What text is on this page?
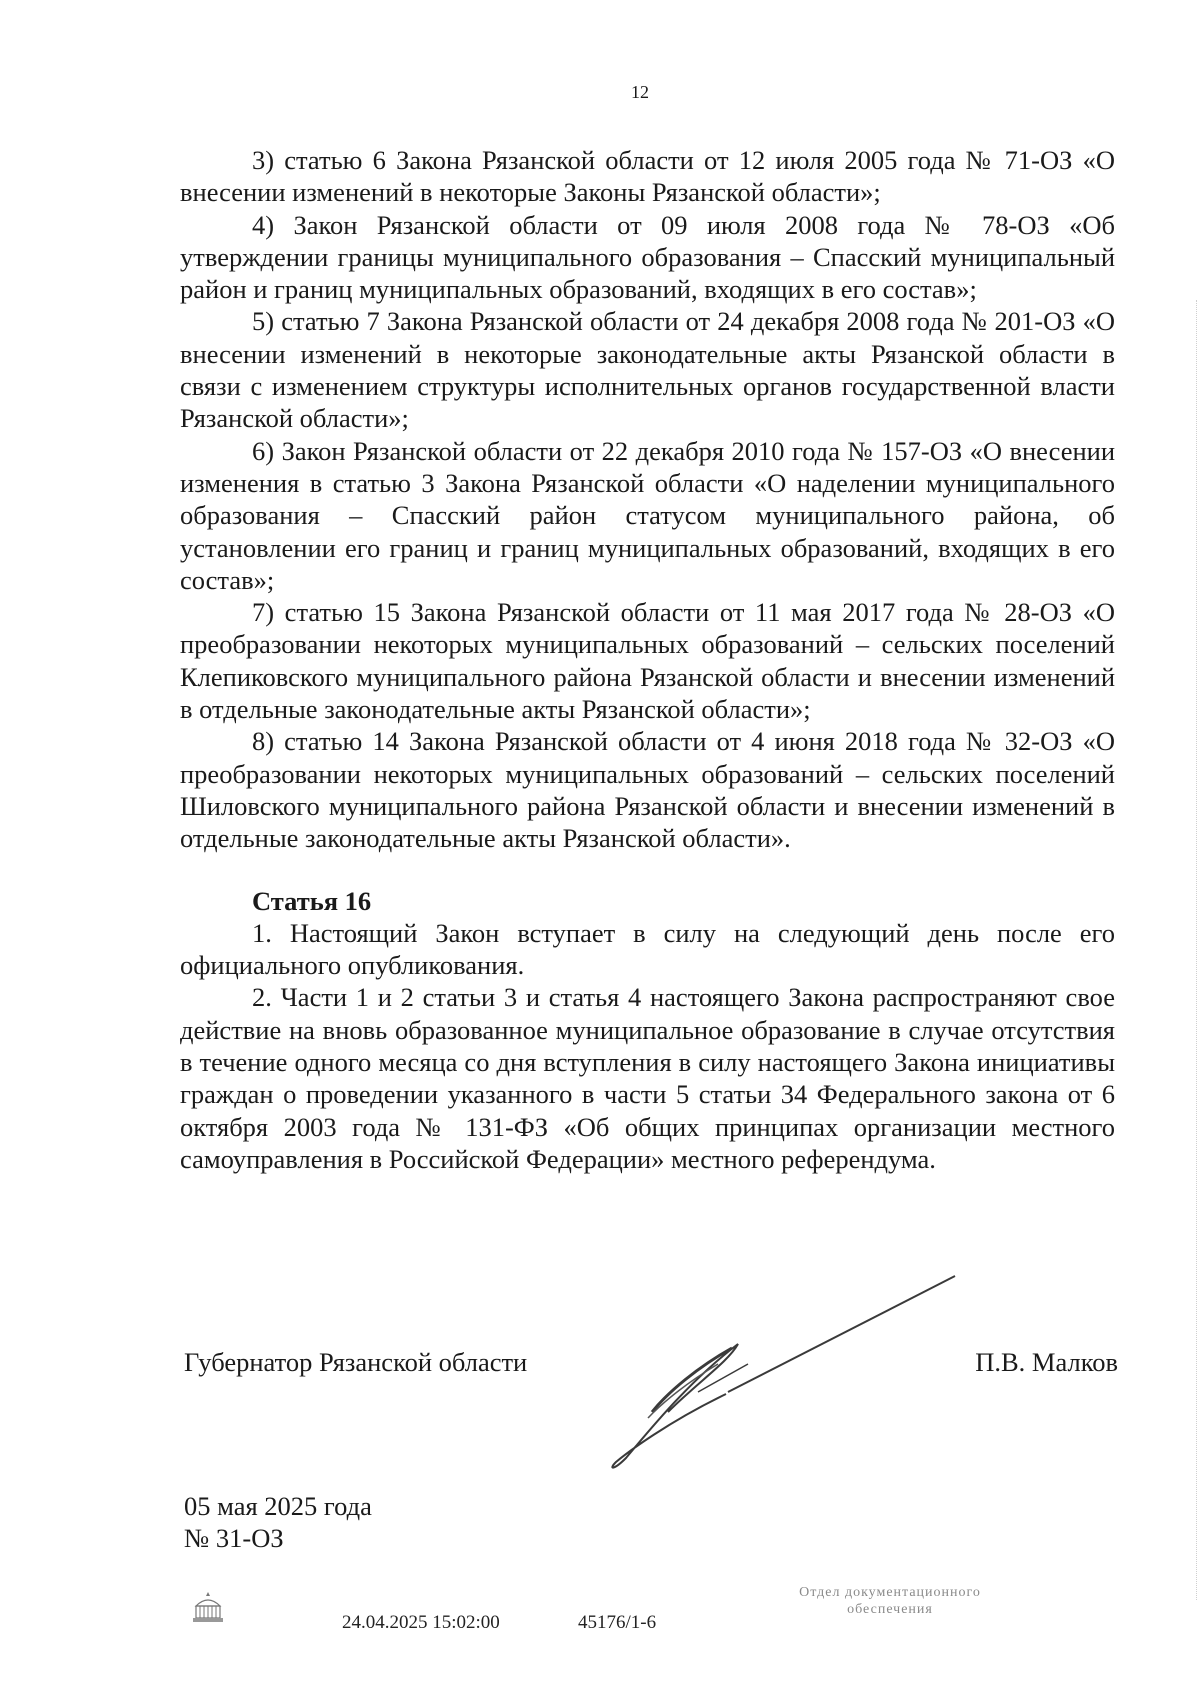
12

3) статью 6 Закона Рязанской области от 12 июля 2005 года № 71-ОЗ «О внесении изменений в некоторые Законы Рязанской области»;

4) Закон Рязанской области от 09 июля 2008 года № 78-ОЗ «Об утверждении границы муниципального образования – Спасский муниципальный район и границ муниципальных образований, входящих в его состав»;

5) статью 7 Закона Рязанской области от 24 декабря 2008 года № 201-ОЗ «О внесении изменений в некоторые законодательные акты Рязанской области в связи с изменением структуры исполнительных органов государственной власти Рязанской области»;

6) Закон Рязанской области от 22 декабря 2010 года № 157-ОЗ «О внесении изменения в статью 3 Закона Рязанской области «О наделении муниципального образования – Спасский район статусом муниципального района, об установлении его границ и границ муниципальных образований, входящих в его состав»;

7) статью 15 Закона Рязанской области от 11 мая 2017 года № 28-ОЗ «О преобразовании некоторых муниципальных образований – сельских поселений Клепиковского муниципального района Рязанской области и внесении изменений в отдельные законодательные акты Рязанской области»;

8) статью 14 Закона Рязанской области от 4 июня 2018 года № 32-ОЗ «О преобразовании некоторых муниципальных образований – сельских поселений Шиловского муниципального района Рязанской области и внесении изменений в отдельные законодательные акты Рязанской области».

Статья 16

1. Настоящий Закон вступает в силу на следующий день после его официального опубликования.

2. Части 1 и 2 статьи 3 и статья 4 настоящего Закона распространяют свое действие на вновь образованное муниципальное образование в случае отсутствия в течение одного месяца со дня вступления в силу настоящего Закона инициативы граждан о проведении указанного в части 5 статьи 34 Федерального закона от 6 октября 2003 года № 131-ФЗ «Об общих принципах организации местного самоуправления в Российской Федерации» местного референдума.

Губернатор Рязанской области	П.В. Малков
05 мая 2025 года
№ 31-ОЗ
24.04.2025 15:02:00	45176/1-6
Отдел документационного
обеспечения
